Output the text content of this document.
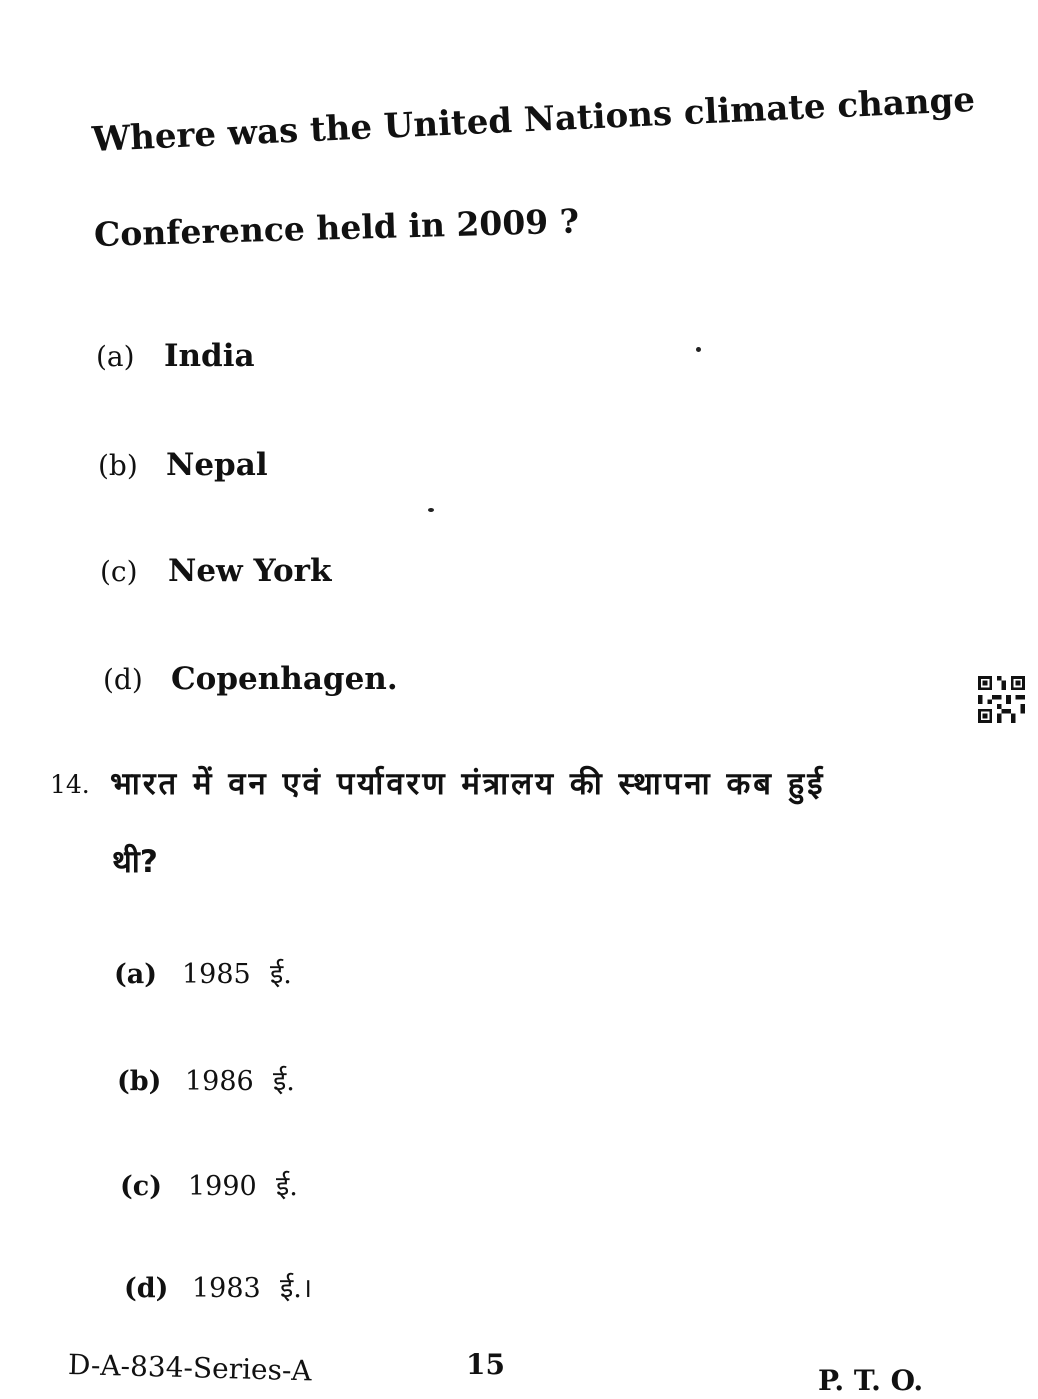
Where was the United Nations climate change
Conference held in 2009 ?
(a) India
(b) Nepal
(c) New York
(d) Copenhagen.
14. भारत में वन एवं पर्यावरण मंत्रालय की स्थापना कब हुई
थी?
(a) 1985 ई.
(b) 1986 ई.
(c) 1990 ई.
(d) 1983 ई.।
D-A-834-Series-A	15	P. T. O.
